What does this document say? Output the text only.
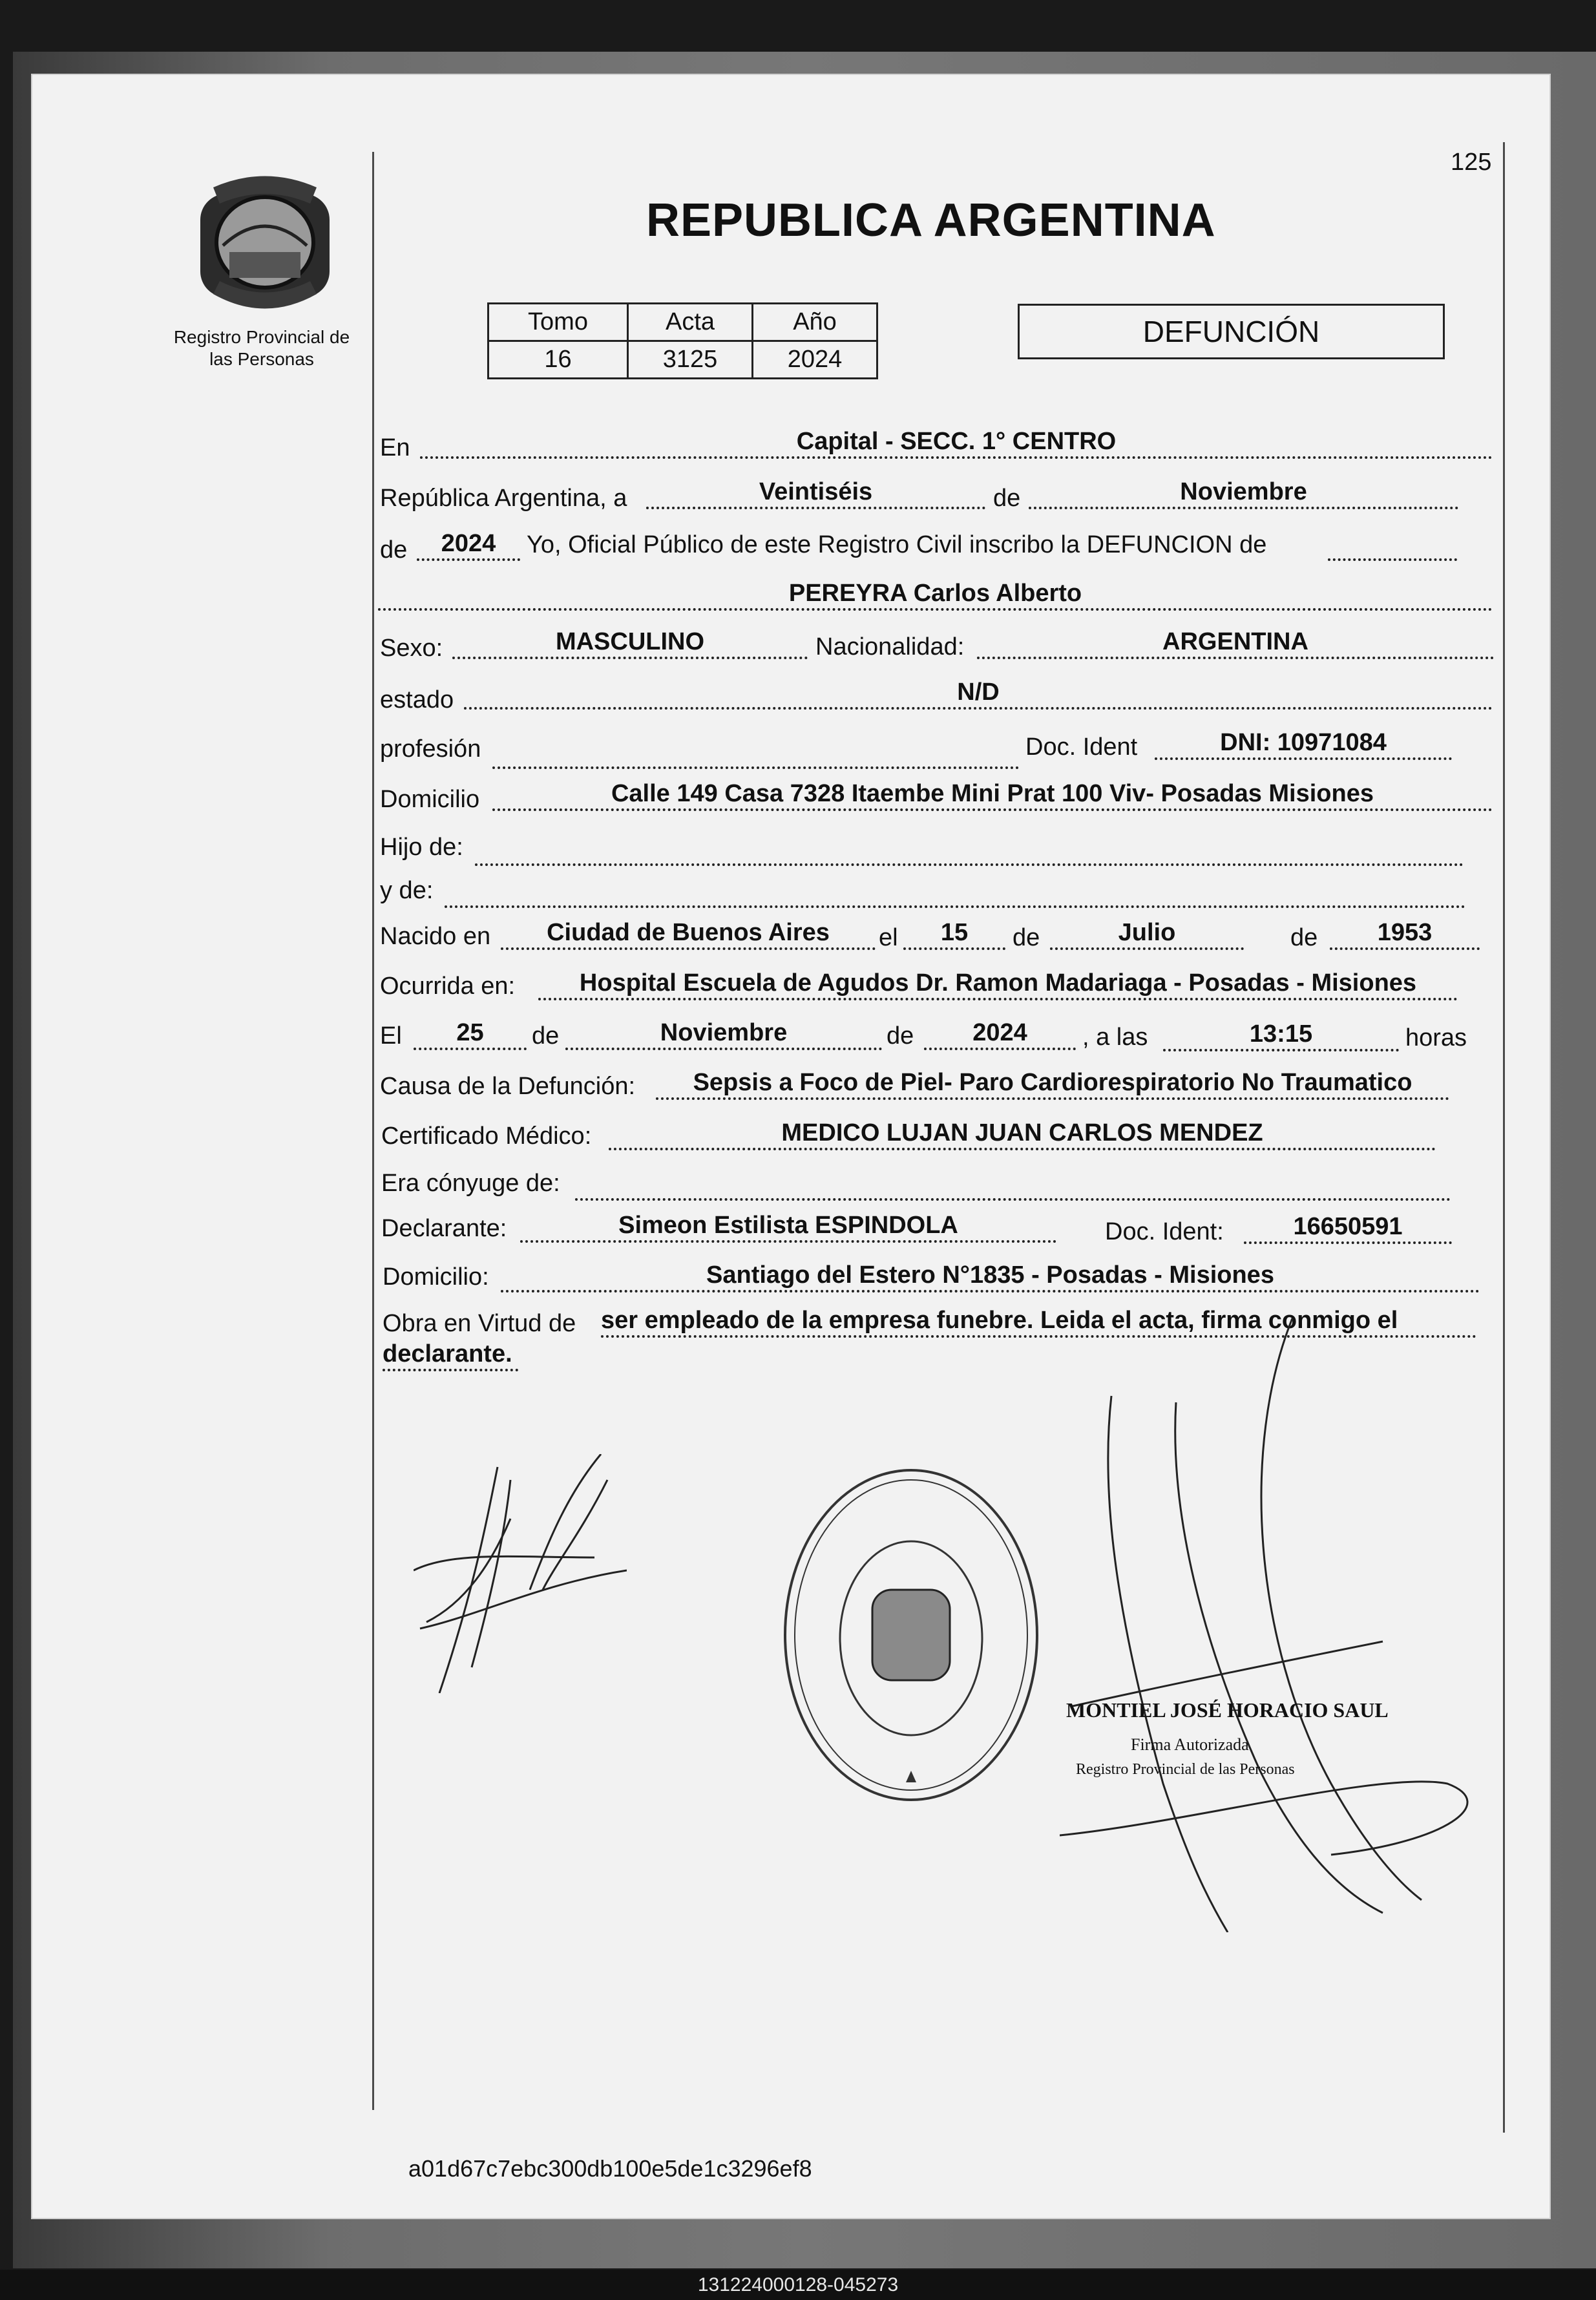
125
Registro Provincial de las Personas
REPUBLICA ARGENTINA
Tomo	Acta	Año
16	3125	2024
DEFUNCIÓN
En	Capital - SECC. 1° CENTRO
República Argentina, a	Veintiséis	de	Noviembre
de	2024	Yo, Oficial Público de este Registro Civil inscribo la DEFUNCION de
PEREYRA Carlos Alberto
Sexo:	MASCULINO	Nacionalidad:	ARGENTINA
estado	N/D
profesión	Doc. Ident	DNI: 10971084
Domicilio	Calle 149 Casa 7328 Itaembe Mini Prat 100 Viv- Posadas Misiones
Hijo de:
y de:
Nacido en	Ciudad de Buenos Aires	el	15	de	Julio	de	1953
Ocurrida en:	Hospital Escuela de Agudos Dr. Ramon Madariaga - Posadas - Misiones
El	25	de	Noviembre	de	2024	, a las	13:15	horas
Causa de la Defunción:	Sepsis a Foco de Piel- Paro Cardiorespiratorio No Traumatico
Certificado Médico:	MEDICO LUJAN JUAN CARLOS MENDEZ
Era cónyuge de:
Declarante:	Simeon Estilista ESPINDOLA	Doc. Ident:	16650591
Domicilio:	Santiago del Estero N°1835 - Posadas - Misiones
Obra en Virtud de ser empleado de la empresa funebre. Leida el acta, firma conmigo el
declarante.
MONTIEL JOSÉ HORACIO SAUL
Firma Autorizada
Registro Provincial de las Personas
a01d67c7ebc300db100e5de1c3296ef8
131224000128-045273
